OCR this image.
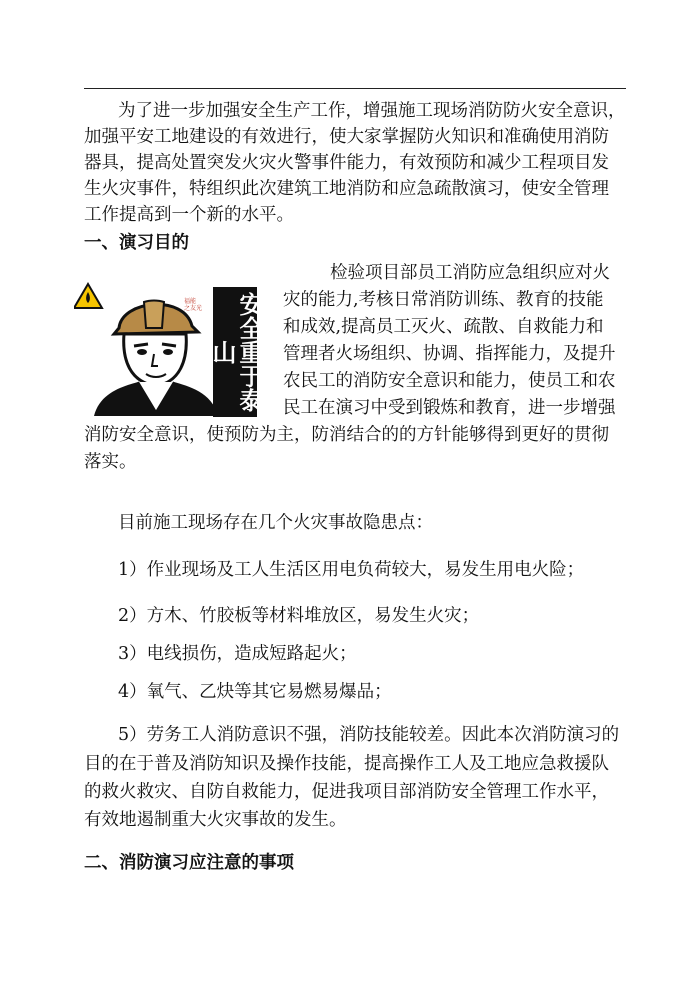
为了进一步加强安全生产工作，增强施工现场消防防火安全意识，
加强平安工地建设的有效进行，使大家掌握防火知识和准确使用消防
器具，提高处置突发火灾火警事件能力，有效预防和减少工程项目发
生火灾事件，特组织此次建筑工地消防和应急疏散演习，使安全管理
工作提高到一个新的水平。
一、演习目的
福能
之友光	安全重于泰山
检验项目部员工消防应急组织应对火
灾的能力,考核日常消防训练、教育的技能
和成效,提高员工灭火、疏散、自救能力和
管理者火场组织、协调、指挥能力，及提升
农民工的消防安全意识和能力，使员工和农
民工在演习中受到锻炼和教育，进一步增强
消防安全意识，使预防为主，防消结合的的方针能够得到更好的贯彻
落实。
目前施工现场存在几个火灾事故隐患点：
1）作业现场及工人生活区用电负荷较大，易发生用电火险；
2）方木、竹胶板等材料堆放区，易发生火灾；
3）电线损伤，造成短路起火；
4）氧气、乙炔等其它易燃易爆品；
5）劳务工人消防意识不强，消防技能较差。因此本次消防演习的
目的在于普及消防知识及操作技能，提高操作工人及工地应急救援队
的救火救灾、自防自救能力，促进我项目部消防安全管理工作水平，
有效地遏制重大火灾事故的发生。
二、消防演习应注意的事项
